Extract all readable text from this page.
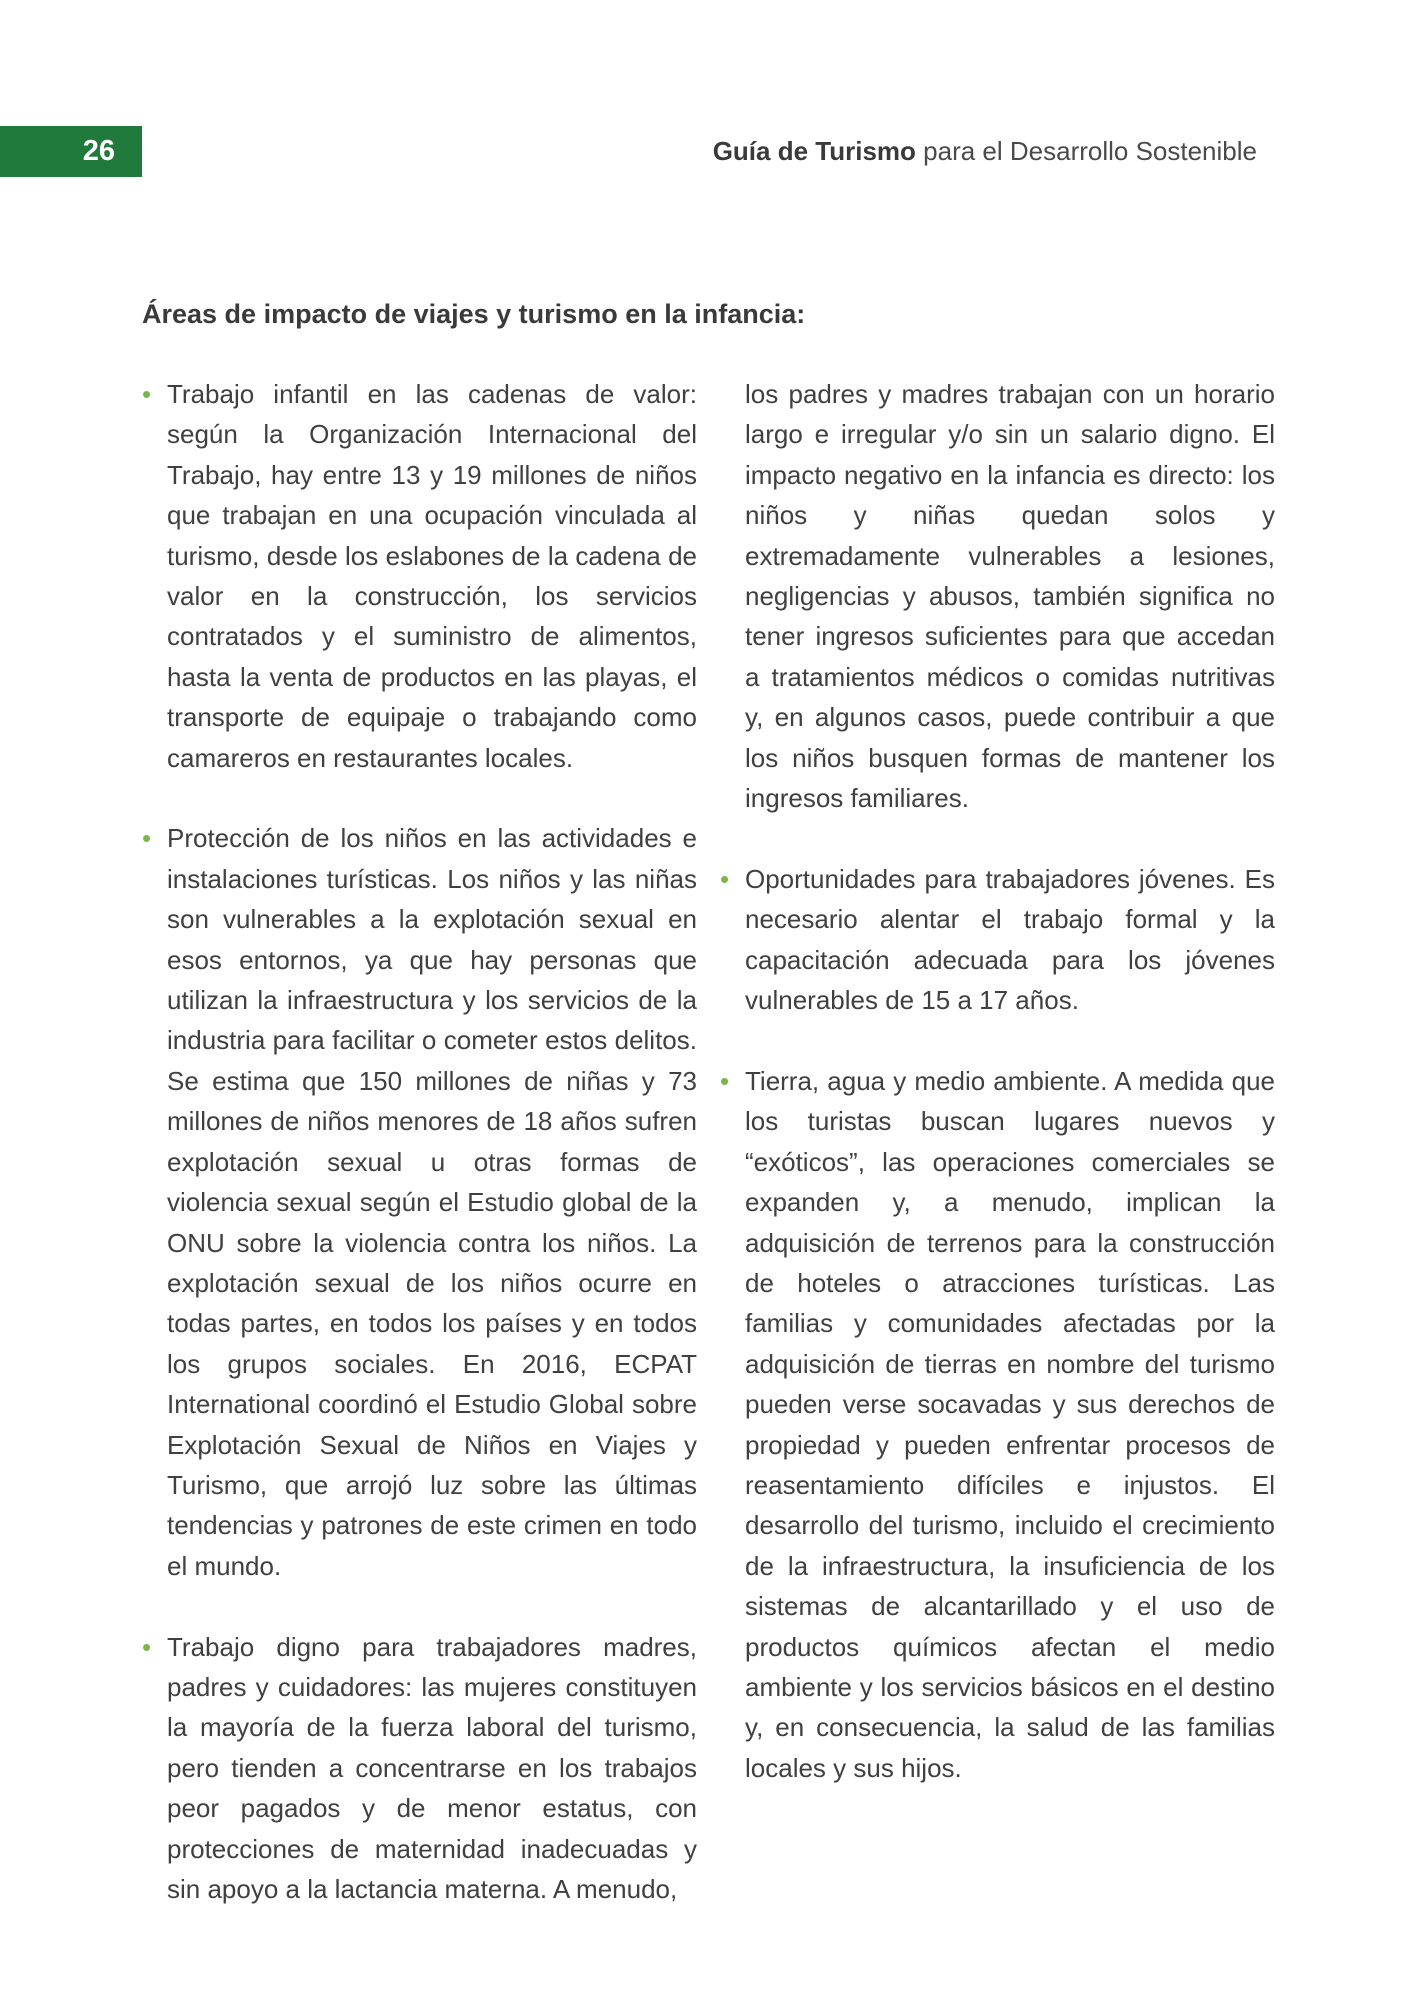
26	Guía de Turismo para el Desarrollo Sostenible
Áreas de impacto de viajes y turismo en la infancia:
• Trabajo infantil en las cadenas de valor: según la Organización Internacional del Trabajo, hay entre 13 y 19 millones de niños que trabajan en una ocupación vinculada al turismo, desde los eslabones de la cadena de valor en la construcción, los servicios contratados y el suministro de alimentos, hasta la venta de productos en las playas, el transporte de equipaje o trabajando como camareros en restaurantes locales.
• Protección de los niños en las actividades e instalaciones turísticas. Los niños y las niñas son vulnerables a la explotación sexual en esos entornos, ya que hay personas que utilizan la infraestructura y los servicios de la industria para facilitar o cometer estos delitos. Se estima que 150 millones de niñas y 73 millones de niños menores de 18 años sufren explotación sexual u otras formas de violencia sexual según el Estudio global de la ONU sobre la violencia contra los niños. La explotación sexual de los niños ocurre en todas partes, en todos los países y en todos los grupos sociales. En 2016, ECPAT International coordinó el Estudio Global sobre Explotación Sexual de Niños en Viajes y Turismo, que arrojó luz sobre las últimas tendencias y patrones de este crimen en todo el mundo.
• Trabajo digno para trabajadores madres, padres y cuidadores: las mujeres constituyen la mayoría de la fuerza laboral del turismo, pero tienden a concentrarse en los trabajos peor pagados y de menor estatus, con protecciones de maternidad inadecuadas y sin apoyo a la lactancia materna. A menudo,

los padres y madres trabajan con un horario largo e irregular y/o sin un salario digno. El impacto negativo en la infancia es directo: los niños y niñas quedan solos y extremadamente vulnerables a lesiones, negligencias y abusos, también significa no tener ingresos suficientes para que accedan a tratamientos médicos o comidas nutritivas y, en algunos casos, puede contribuir a que los niños busquen formas de mantener los ingresos familiares.

• Oportunidades para trabajadores jóvenes. Es necesario alentar el trabajo formal y la capacitación adecuada para los jóvenes vulnerables de 15 a 17 años.
• Tierra, agua y medio ambiente. A medida que los turistas buscan lugares nuevos y “exóticos”, las operaciones comerciales se expanden y, a menudo, implican la adquisición de terrenos para la construcción de hoteles o atracciones turísticas. Las familias y comunidades afectadas por la adquisición de tierras en nombre del turismo pueden verse socavadas y sus derechos de propiedad y pueden enfrentar procesos de reasentamiento difíciles e injustos. El desarrollo del turismo, incluido el crecimiento de la infraestructura, la insuficiencia de los sistemas de alcantarillado y el uso de productos químicos afectan el medio ambiente y los servicios básicos en el destino y, en consecuencia, la salud de las familias locales y sus hijos.
